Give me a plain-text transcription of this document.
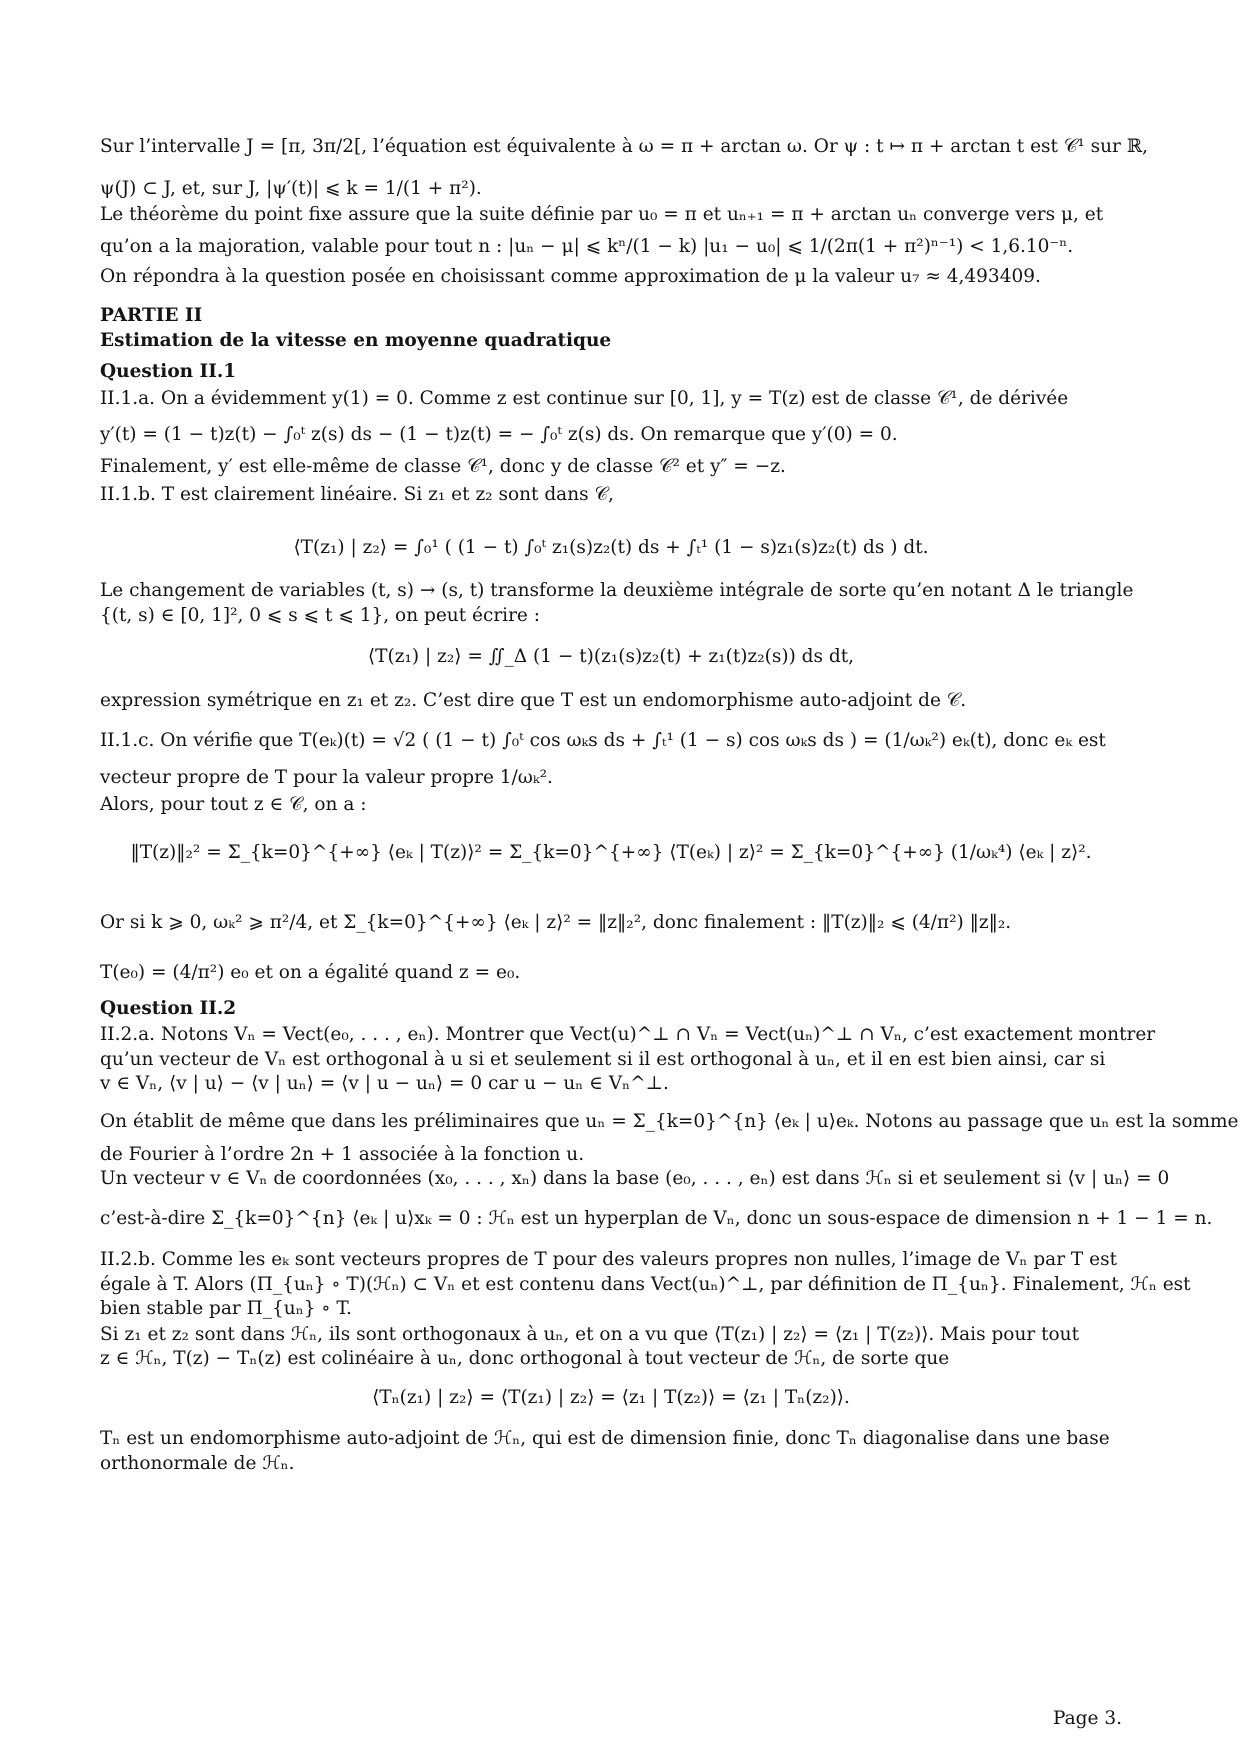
Sur l’intervalle J = [π, 3π/2[, l’équation est équivalente à ω = π + arctan ω. Or ψ : t ↦ π + arctan t est 𝒞¹ sur ℝ,
ψ(J) ⊂ J, et, sur J, |ψ′(t)| ⩽ k = 1/(1 + π²).
Le théorème du point fixe assure que la suite définie par u₀ = π et uₙ₊₁ = π + arctan uₙ converge vers μ, et
qu’on a la majoration, valable pour tout n : |uₙ − μ| ⩽ kⁿ/(1 − k) |u₁ − u₀| ⩽ 1/(2π(1 + π²)ⁿ⁻¹) < 1,6.10⁻ⁿ.
On répondra à la question posée en choisissant comme approximation de μ la valeur u₇ ≈ 4,493409.
PARTIE II
Estimation de la vitesse en moyenne quadratique
Question II.1
II.1.a. On a évidemment y(1) = 0. Comme z est continue sur [0, 1], y = T(z) est de classe 𝒞¹, de dérivée
y′(t) = (1 − t)z(t) − ∫₀ᵗ z(s) ds − (1 − t)z(t) = − ∫₀ᵗ z(s) ds. On remarque que y′(0) = 0.
Finalement, y′ est elle-même de classe 𝒞¹, donc y de classe 𝒞² et y″ = −z.
II.1.b. T est clairement linéaire. Si z₁ et z₂ sont dans 𝒞,
⟨T(z₁) | z₂⟩ = ∫₀¹ ( (1 − t) ∫₀ᵗ z₁(s)z₂(t) ds + ∫ₜ¹ (1 − s)z₁(s)z₂(t) ds ) dt.
Le changement de variables (t, s) → (s, t) transforme la deuxième intégrale de sorte qu’en notant Δ le triangle
{(t, s) ∈ [0, 1]², 0 ⩽ s ⩽ t ⩽ 1}, on peut écrire :
⟨T(z₁) | z₂⟩ = ∬_Δ (1 − t)(z₁(s)z₂(t) + z₁(t)z₂(s)) ds dt,
expression symétrique en z₁ et z₂. C’est dire que T est un endomorphisme auto-adjoint de 𝒞.
II.1.c. On vérifie que T(eₖ)(t) = √2 ( (1 − t) ∫₀ᵗ cos ωₖs ds + ∫ₜ¹ (1 − s) cos ωₖs ds ) = (1/ωₖ²) eₖ(t), donc eₖ est
vecteur propre de T pour la valeur propre 1/ωₖ².
Alors, pour tout z ∈ 𝒞, on a :
‖T(z)‖₂² = Σ_{k=0}^{+∞} ⟨eₖ | T(z)⟩² = Σ_{k=0}^{+∞} ⟨T(eₖ) | z⟩² = Σ_{k=0}^{+∞} (1/ωₖ⁴) ⟨eₖ | z⟩².
Or si k ⩾ 0, ωₖ² ⩾ π²/4, et Σ_{k=0}^{+∞} ⟨eₖ | z⟩² = ‖z‖₂², donc finalement : ‖T(z)‖₂ ⩽ (4/π²) ‖z‖₂.
T(e₀) = (4/π²) e₀ et on a égalité quand z = e₀.
Question II.2
II.2.a. Notons Vₙ = Vect(e₀, . . . , eₙ). Montrer que Vect(u)^⊥ ∩ Vₙ = Vect(uₙ)^⊥ ∩ Vₙ, c’est exactement montrer
qu’un vecteur de Vₙ est orthogonal à u si et seulement si il est orthogonal à uₙ, et il en est bien ainsi, car si
v ∈ Vₙ, ⟨v | u⟩ − ⟨v | uₙ⟩ = ⟨v | u − uₙ⟩ = 0 car u − uₙ ∈ Vₙ^⊥.
On établit de même que dans les préliminaires que uₙ = Σ_{k=0}^{n} ⟨eₖ | u⟩eₖ. Notons au passage que uₙ est la somme
de Fourier à l’ordre 2n + 1 associée à la fonction u.
Un vecteur v ∈ Vₙ de coordonnées (x₀, . . . , xₙ) dans la base (e₀, . . . , eₙ) est dans ℋₙ si et seulement si ⟨v | uₙ⟩ = 0
c’est-à-dire Σ_{k=0}^{n} ⟨eₖ | u⟩xₖ = 0 : ℋₙ est un hyperplan de Vₙ, donc un sous-espace de dimension n + 1 − 1 = n.
II.2.b. Comme les eₖ sont vecteurs propres de T pour des valeurs propres non nulles, l’image de Vₙ par T est
égale à T. Alors (Π_{uₙ} ∘ T)(ℋₙ) ⊂ Vₙ et est contenu dans Vect(uₙ)^⊥, par définition de Π_{uₙ}. Finalement, ℋₙ est
bien stable par Π_{uₙ} ∘ T.
Si z₁ et z₂ sont dans ℋₙ, ils sont orthogonaux à uₙ, et on a vu que ⟨T(z₁) | z₂⟩ = ⟨z₁ | T(z₂)⟩. Mais pour tout
z ∈ ℋₙ, T(z) − Tₙ(z) est colinéaire à uₙ, donc orthogonal à tout vecteur de ℋₙ, de sorte que
⟨Tₙ(z₁) | z₂⟩ = ⟨T(z₁) | z₂⟩ = ⟨z₁ | T(z₂)⟩ = ⟨z₁ | Tₙ(z₂)⟩.
Tₙ est un endomorphisme auto-adjoint de ℋₙ, qui est de dimension finie, donc Tₙ diagonalise dans une base
orthonormale de ℋₙ.
Page 3.
